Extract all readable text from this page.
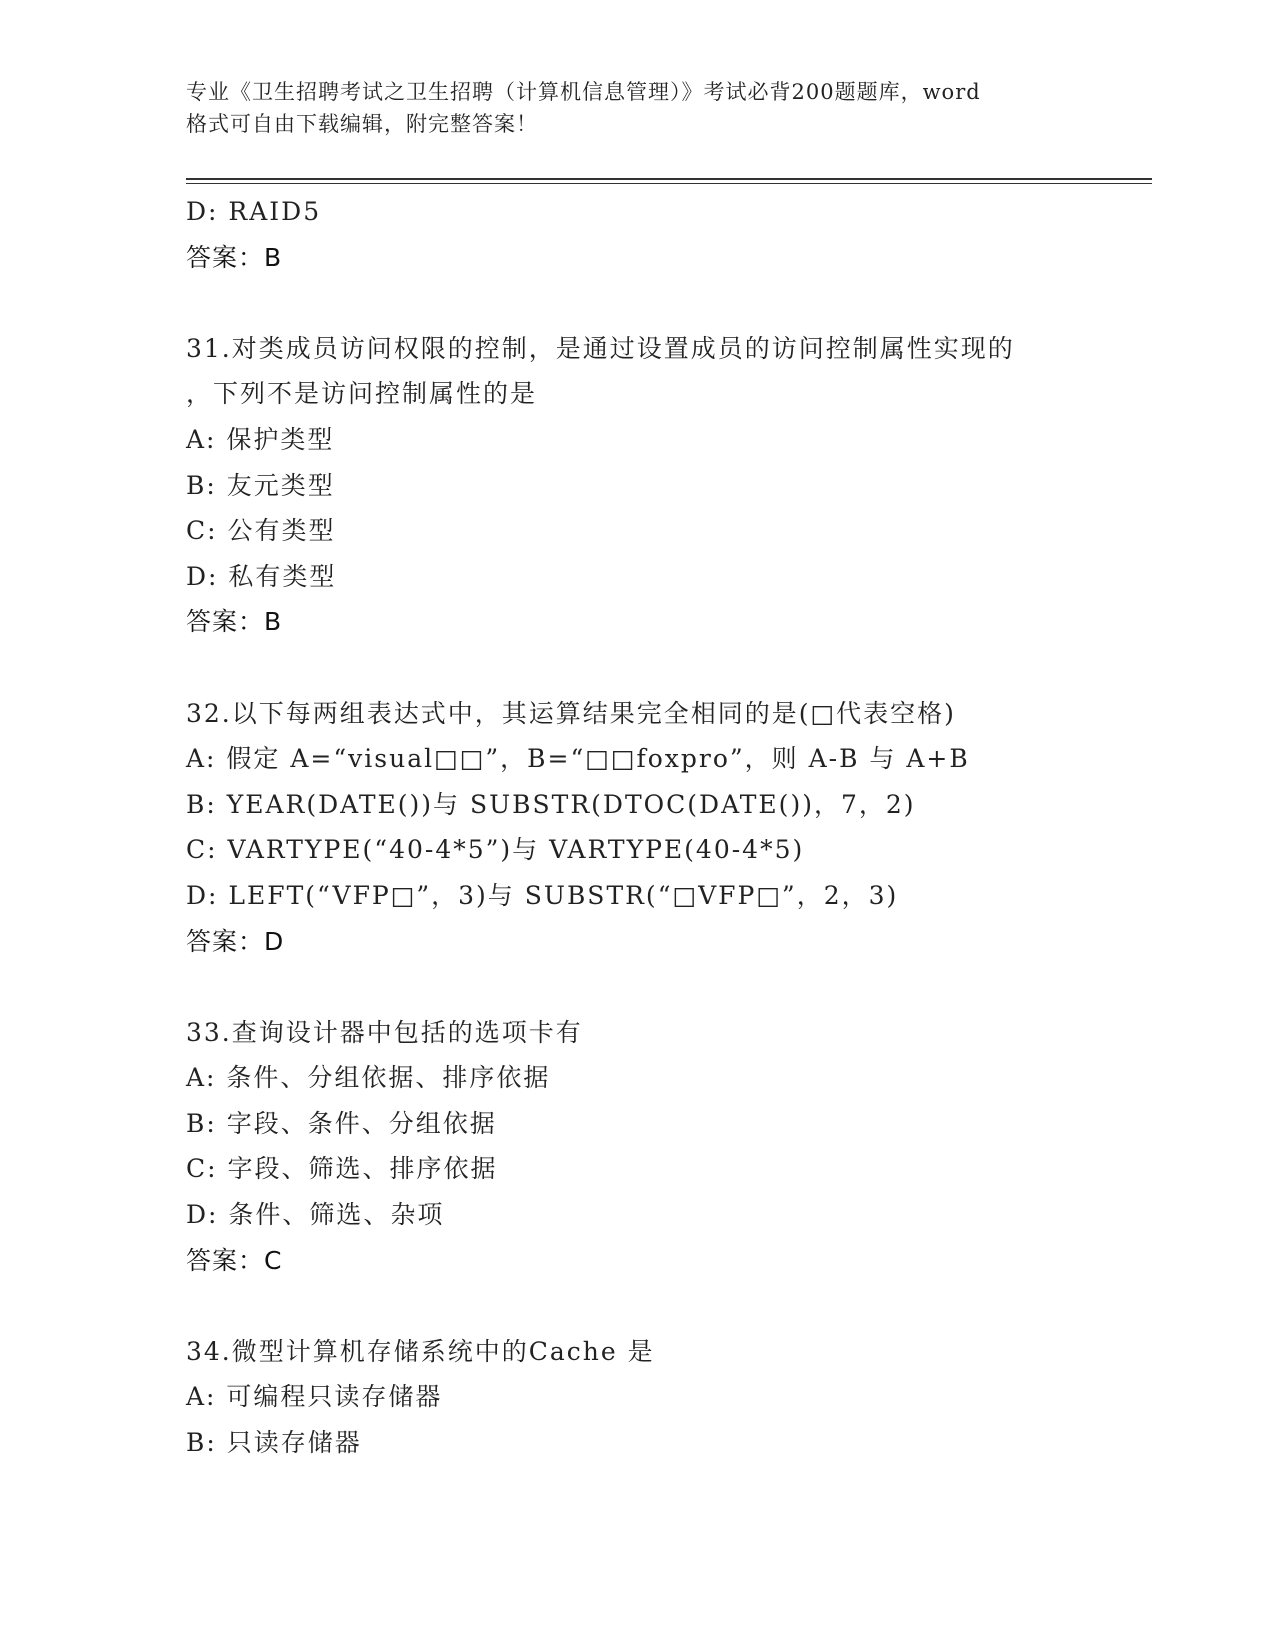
专业《卫生招聘考试之卫生招聘（计算机信息管理）》考试必背200题题库，word
格式可自由下载编辑，附完整答案！
D: RAID5
答案：B
31.对类成员访问权限的控制，是通过设置成员的访问控制属性实现的
，下列不是访问控制属性的是
A: 保护类型
B: 友元类型
C: 公有类型
D: 私有类型
答案：B
32.以下每两组表达式中，其运算结果完全相同的是(□代表空格)
A: 假定 A=“visual□□”，B=“□□foxpro”，则 A-B 与 A+B
B: YEAR(DATE())与 SUBSTR(DTOC(DATE())，7，2)
C: VARTYPE(“40-4*5”)与 VARTYPE(40-4*5)
D: LEFT(“VFP□”，3)与 SUBSTR(“□VFP□”，2，3)
答案：D
33.查询设计器中包括的选项卡有
A: 条件、分组依据、排序依据
B: 字段、条件、分组依据
C: 字段、筛选、排序依据
D: 条件、筛选、杂项
答案：C
34.微型计算机存储系统中的Cache 是
A: 可编程只读存储器
B: 只读存储器
